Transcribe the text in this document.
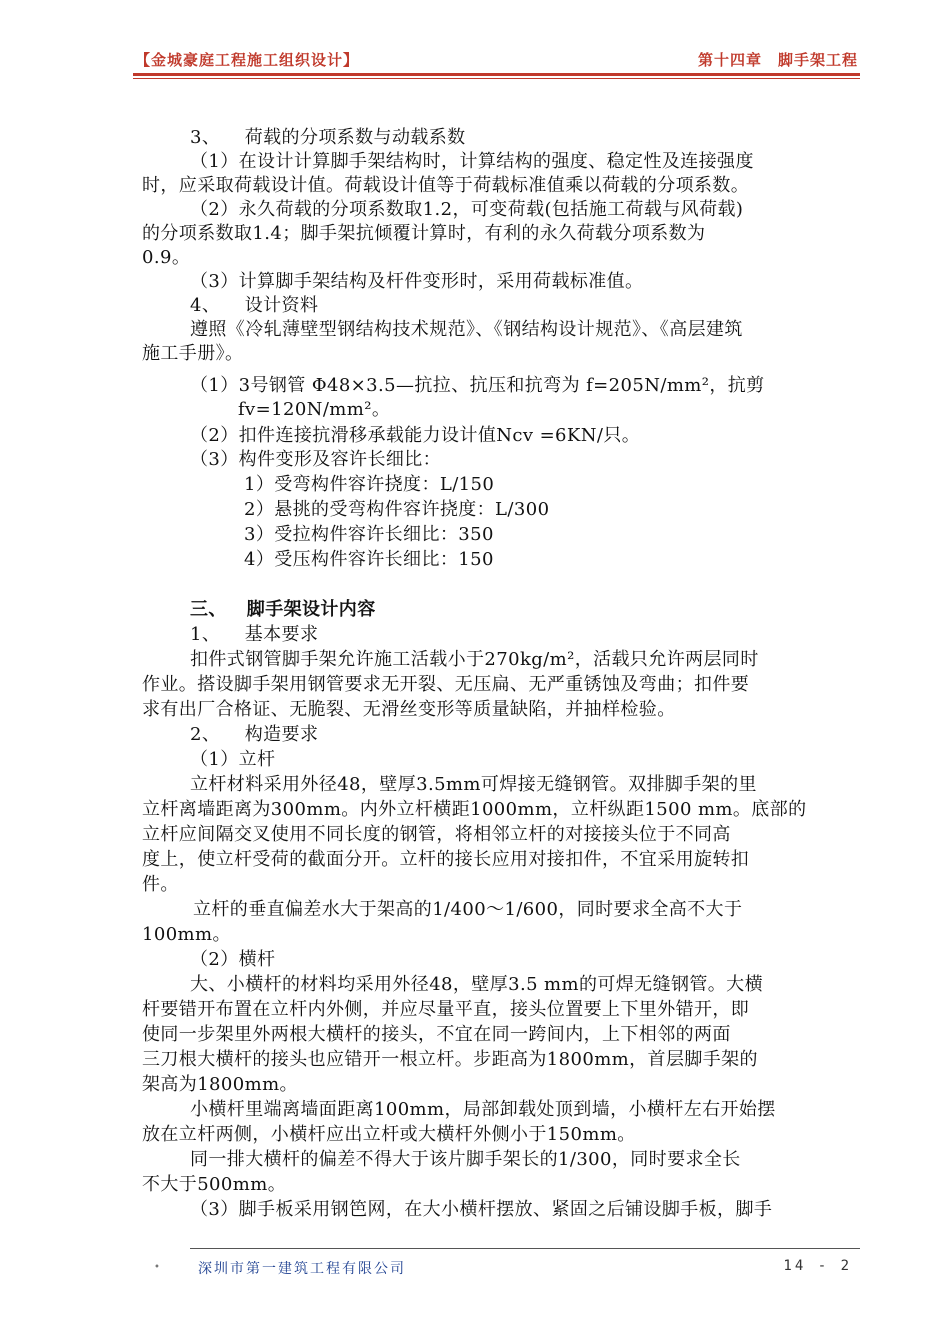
【金城豪庭工程施工组织设计】	第十四章　脚手架工程
3、    荷载的分项系数与动载系数
（1）在设计计算脚手架结构时，计算结构的强度、稳定性及连接强度
时，应采取荷载设计值。荷载设计值等于荷载标准值乘以荷载的分项系数。
（2）永久荷载的分项系数取1.2，可变荷载(包括施工荷载与风荷载)
的分项系数取1.4；脚手架抗倾覆计算时，有利的永久荷载分项系数为
0.9。
（3）计算脚手架结构及杆件变形时，采用荷载标准值。
4、    设计资料
遵照《冷轧薄壁型钢结构技术规范》、《钢结构设计规范》、《高层建筑
施工手册》。
（1）3号钢管 Φ48×3.5—抗拉、抗压和抗弯为 f=205N/mm²，抗剪
fv=120N/mm²。
（2）扣件连接抗滑移承载能力设计值Ncv =6KN/只。
（3）构件变形及容许长细比：
1）受弯构件容许挠度：L/150
2）悬挑的受弯构件容许挠度：L/300
3）受拉构件容许长细比：350
4）受压构件容许长细比：150
三、   脚手架设计内容
1、    基本要求
扣件式钢管脚手架允许施工活载小于270kg/m²，活载只允许两层同时
作业。搭设脚手架用钢管要求无开裂、无压扁、无严重锈蚀及弯曲；扣件要
求有出厂合格证、无脆裂、无滑丝变形等质量缺陷，并抽样检验。
2、    构造要求
（1）立杆
立杆材料采用外径48，壁厚3.5mm可焊接无缝钢管。双排脚手架的里
立杆离墙距离为300mm。内外立杆横距1000mm，立杆纵距1500 mm。底部的
立杆应间隔交叉使用不同长度的钢管，将相邻立杆的对接接头位于不同高
度上，使立杆受荷的截面分开。立杆的接长应用对接扣件，不宜采用旋转扣
件。
立杆的垂直偏差水大于架高的1/400～1/600，同时要求全高不大于
100mm。
（2）横杆
大、小横杆的材料均采用外径48，壁厚3.5 mm的可焊无缝钢管。大横
杆要错开布置在立杆内外侧，并应尽量平直，接头位置要上下里外错开，即
使同一步架里外两根大横杆的接头，不宜在同一跨间内，上下相邻的两面
三刀根大横杆的接头也应错开一根立杆。步距高为1800mm，首层脚手架的
架高为1800mm。
小横杆里端离墙面距离100mm，局部卸载处顶到墙，小横杆左右开始摆
放在立杆两侧，小横杆应出立杆或大横杆外侧小于150mm。
同一排大横杆的偏差不得大于该片脚手架长的1/300，同时要求全长
不大于500mm。
（3）脚手板采用钢笆网，在大小横杆摆放、紧固之后铺设脚手板，脚手
•	深圳市第一建筑工程有限公司	14 - 2
